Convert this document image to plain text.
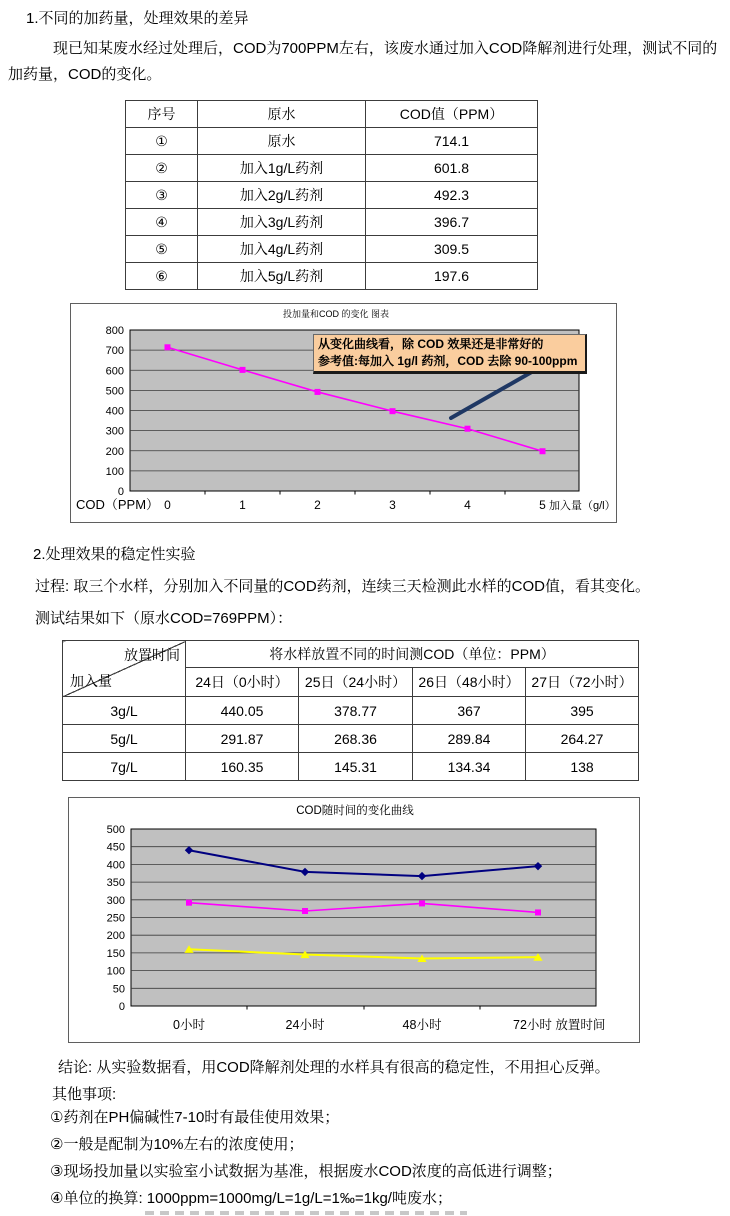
1.不同的加药量，处理效果的差异
现已知某废水经过处理后，COD为700PPM左右，该废水通过加入COD降解剂进行处理，测试不同的加药量，COD的变化。
序号	原水	COD值（PPM）
①	原水	714.1
②	加入1g/L药剂	601.8
③	加入2g/L药剂	492.3
④	加入3g/L药剂	396.7
⑤	加入4g/L药剂	309.5
⑥	加入5g/L药剂	197.6
投加量和COD 的变化 图表
0
100
200
300
400
500
600
700
800
0	1	2	3	4	5
COD（PPM）	加入量（g/l）
从变化曲线看，除 COD 效果还是非常好的
参考值:每加入 1g/l 药剂，COD 去除 90-100ppm
2.处理效果的稳定性实验
过程: 取三个水样，分别加入不同量的COD药剂，连续三天检测此水样的COD值，看其变化。
测试结果如下（原水COD=769PPM）：
放置时间
加入量	将水样放置不同的时间测COD（单位：PPM）			
	24日（0小时）	25日（24小时）	26日（48小时）	27日（72小时）
3g/L	440.05	378.77	367	395
5g/L	291.87	268.36	289.84	264.27
7g/L	160.35	145.31	134.34	138
COD随时间的变化曲线
0
50
100
150
200
250
300
350
400
450
500
0小时	24小时	48小时	72小时 放置时间
结论: 从实验数据看，用COD降解剂处理的水样具有很高的稳定性，不用担心反弹。
其他事项:
①药剂在PH偏碱性7-10时有最佳使用效果；
②一般是配制为10%左右的浓度使用；
③现场投加量以实验室小试数据为基准，根据废水COD浓度的高低进行调整；
④单位的换算: 1000ppm=1000mg/L=1g/L=1‰=1kg/吨废水；
